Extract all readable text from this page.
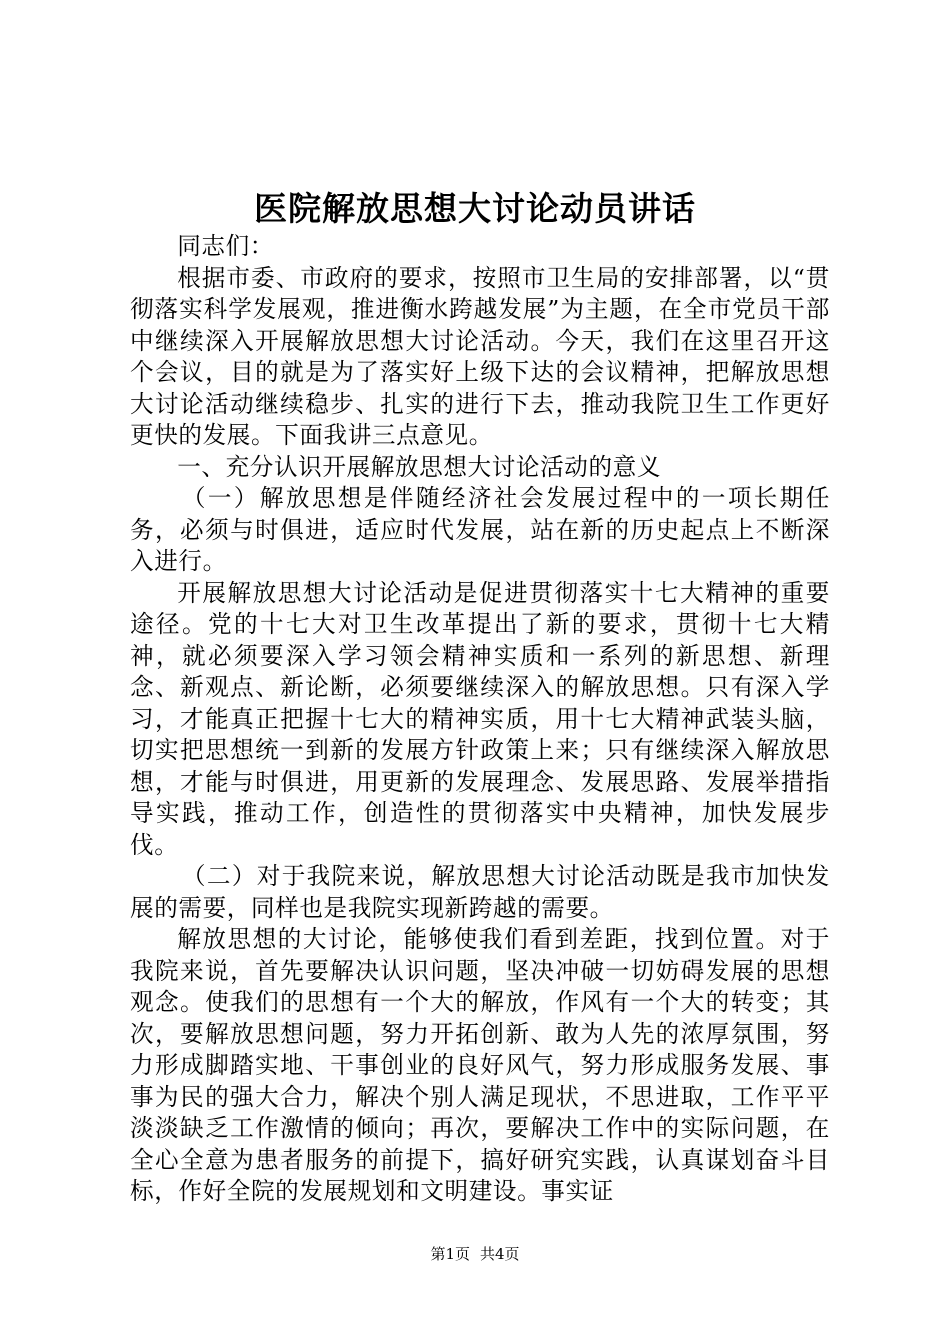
医院解放思想大讨论动员讲话

同志们：

根据市委、市政府的要求，按照市卫生局的安排部署，以“贯彻落实科学发展观，推进衡水跨越发展”为主题，在全市党员干部中继续深入开展解放思想大讨论活动。今天，我们在这里召开这个会议，目的就是为了落实好上级下达的会议精神，把解放思想大讨论活动继续稳步、扎实的进行下去，推动我院卫生工作更好更快的发展。下面我讲三点意见。

一、充分认识开展解放思想大讨论活动的意义

（一）解放思想是伴随经济社会发展过程中的一项长期任务，必须与时俱进，适应时代发展，站在新的历史起点上不断深入进行。

开展解放思想大讨论活动是促进贯彻落实十七大精神的重要途径。党的十七大对卫生改革提出了新的要求，贯彻十七大精神，就必须要深入学习领会精神实质和一系列的新思想、新理念、新观点、新论断，必须要继续深入的解放思想。只有深入学习，才能真正把握十七大的精神实质，用十七大精神武装头脑，切实把思想统一到新的发展方针政策上来；只有继续深入解放思想，才能与时俱进，用更新的发展理念、发展思路、发展举措指导实践，推动工作，创造性的贯彻落实中央精神，加快发展步伐。

（二）对于我院来说，解放思想大讨论活动既是我市加快发展的需要，同样也是我院实现新跨越的需要。

解放思想的大讨论，能够使我们看到差距，找到位置。对于我院来说，首先要解决认识问题，坚决冲破一切妨碍发展的思想观念。使我们的思想有一个大的解放，作风有一个大的转变；其次，要解放思想问题，努力开拓创新、敢为人先的浓厚氛围，努力形成脚踏实地、干事创业的良好风气，努力形成服务发展、事事为民的强大合力，解决个别人满足现状，不思进取，工作平平淡淡缺乏工作激情的倾向；再次，要解决工作中的实际问题，在全心全意为患者服务的前提下，搞好研究实践，认真谋划奋斗目标，作好全院的发展规划和文明建设。事实证

第1页 共4页
